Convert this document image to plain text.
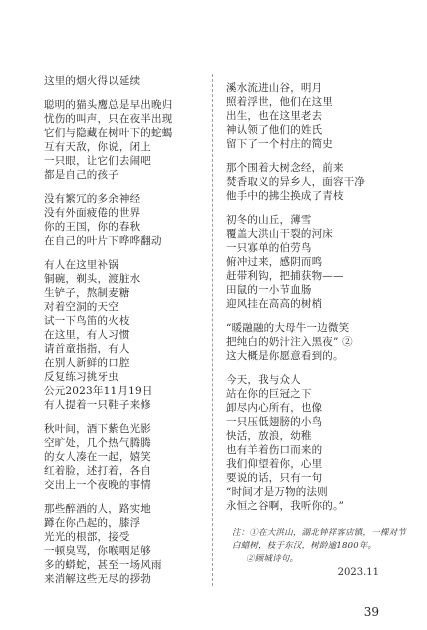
这里的烟火得以延续
聪明的猫头鹰总是早出晚归
忧伤的叫声，只在夜半出现
它们与隐藏在树叶下的蛇蝎
互有天敌，你说，闭上
一只眼，让它们去闹吧
都是自己的孩子
没有繁冗的多余神经
没有外面疲倦的世界
你的王国，你的春秋
在自己的叶片下哗哗翻动
有人在这里补锅
铜碗，剃头，渡脏水
生铲子，熬制麦糖
对着空洞的天空
试一下鸟笛的火枝
在这里，有人习惯
请首童指指，有人
在别人新鲜的口腔
反复练习挑牙虫
公元2023年11月19日
有人提着一只鞋子来修
秋叶间，酒下紫色光影
空旷处，几个热气腾腾
的女人凑在一起，嬉笑
红着脸，述打着，各自
交出上一个夜晚的事情
那些醉酒的人，路实地
蹲在你凸起的，膝浮
光光的根部，接受
一顿臭骂，你喉咽足够
多的蟒蛇，甚至一场风雨
来消解这些无尽的拶勃
溪水流进山谷，明月
照着浮世，他们在这里
出生，也在这里老去
神认领了他们的姓氏
留下了一个村庄的简史
那个围着大树念经，前来
焚香取义的异乡人，面容干净
他手中的拂尘换成了青枝
初冬的山丘，薄雪
覆盖大洪山干裂的河床
一只寡单的伯劳鸟
俯冲过来，感阴而鸣
赶带利钩，把捕获物——
田鼠的一小节血肠
迎风挂在高高的树梢
“暖融融的大母牛一边微笑
把纯白的奶汁注入黑夜” ②
这大概是你愿意看到的。
今天，我与众人
站在你的巨冠之下
卸尽内心所有，也像
一只压低翅膀的小鸟
快活，放浪，幼稚
也有羊着伤口而来的
我们仰望着你，心里
要说的话，只有一句
“时间才是万物的法则
永恒之谷啊，我听你的。”
注：①在大洪山，湖北钟祥客店镇，一棵对节
白蜡树，枝于东汉，树龄逾1800年。
②顾城诗句。
2023.11
39
